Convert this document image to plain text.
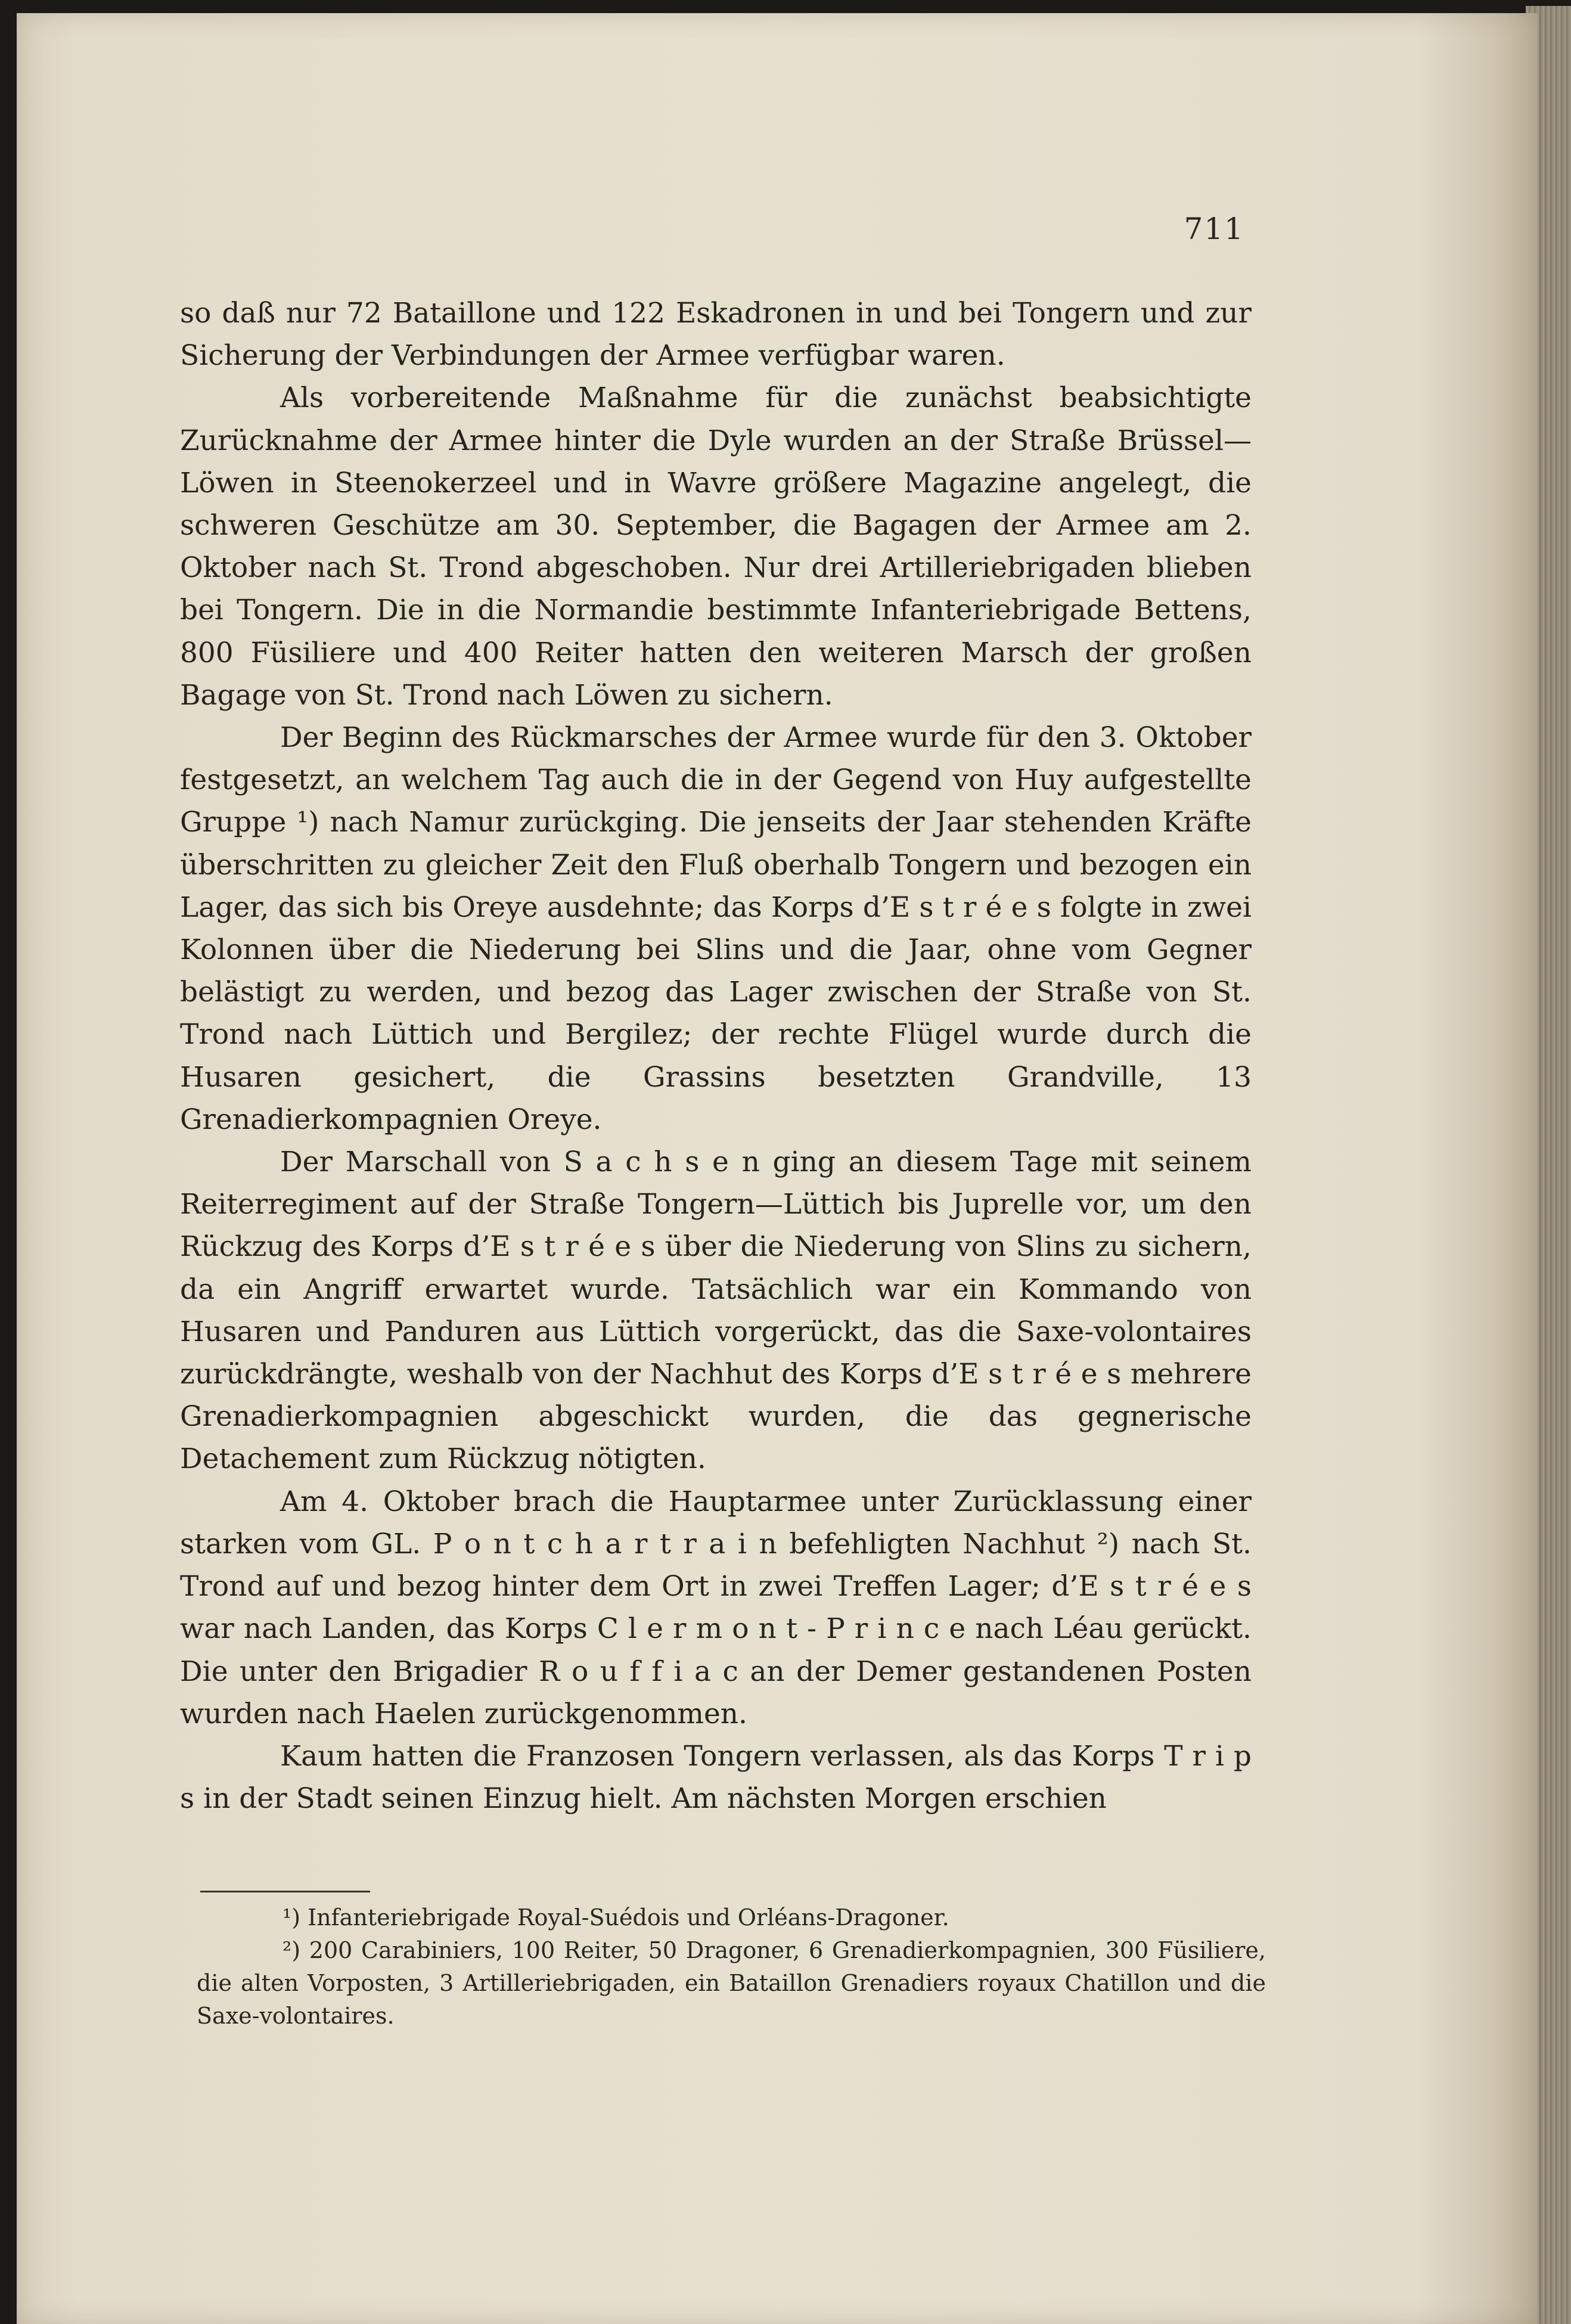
711

so daß nur 72 Bataillone und 122 Eskadronen in und bei Tongern und zur Sicherung der Verbindungen der Armee verfügbar waren.

Als vorbereitende Maßnahme für die zunächst beabsichtigte Zurücknahme der Armee hinter die Dyle wurden an der Straße Brüssel—Löwen in Steenokerzeel und in Wavre größere Magazine angelegt, die schweren Geschütze am 30. September, die Bagagen der Armee am 2. Oktober nach St. Trond abgeschoben. Nur drei Artilleriebrigaden blieben bei Tongern. Die in die Normandie bestimmte Infanteriebrigade Bettens, 800 Füsiliere und 400 Reiter hatten den weiteren Marsch der großen Bagage von St. Trond nach Löwen zu sichern.

Der Beginn des Rückmarsches der Armee wurde für den 3. Oktober festgesetzt, an welchem Tag auch die in der Gegend von Huy aufgestellte Gruppe ¹) nach Namur zurückging. Die jenseits der Jaar stehenden Kräfte überschritten zu gleicher Zeit den Fluß oberhalb Tongern und bezogen ein Lager, das sich bis Oreye ausdehnte; das Korps d’E s t r é e s folgte in zwei Kolonnen über die Niederung bei Slins und die Jaar, ohne vom Gegner belästigt zu werden, und bezog das Lager zwischen der Straße von St. Trond nach Lüttich und Bergilez; der rechte Flügel wurde durch die Husaren gesichert, die Grassins besetzten Grandville, 13 Grenadierkompagnien Oreye.

Der Marschall von S a c h s e n ging an diesem Tage mit seinem Reiterregiment auf der Straße Tongern—Lüttich bis Juprelle vor, um den Rückzug des Korps d’E s t r é e s über die Niederung von Slins zu sichern, da ein Angriff erwartet wurde. Tatsächlich war ein Kommando von Husaren und Panduren aus Lüttich vorgerückt, das die Saxe-volontaires zurückdrängte, weshalb von der Nachhut des Korps d’E s t r é e s mehrere Grenadierkompagnien abgeschickt wurden, die das gegnerische Detachement zum Rückzug nötigten.

Am 4. Oktober brach die Hauptarmee unter Zurücklassung einer starken vom GL. P o n t c h a r t r a i n befehligten Nachhut ²) nach St. Trond auf und bezog hinter dem Ort in zwei Treffen Lager; d’E s t r é e s war nach Landen, das Korps C l e r m o n t - P r i n c e nach Léau gerückt. Die unter den Brigadier R o u f f i a c an der Demer gestandenen Posten wurden nach Haelen zurückgenommen.

Kaum hatten die Franzosen Tongern verlassen, als das Korps T r i p s in der Stadt seinen Einzug hielt. Am nächsten Morgen erschien

¹) Infanteriebrigade Royal-Suédois und Orléans-Dragoner.

²) 200 Carabiniers, 100 Reiter, 50 Dragoner, 6 Grenadierkompagnien, 300 Füsiliere, die alten Vorposten, 3 Artilleriebrigaden, ein Bataillon Grenadiers royaux Chatillon und die Saxe-volontaires.
